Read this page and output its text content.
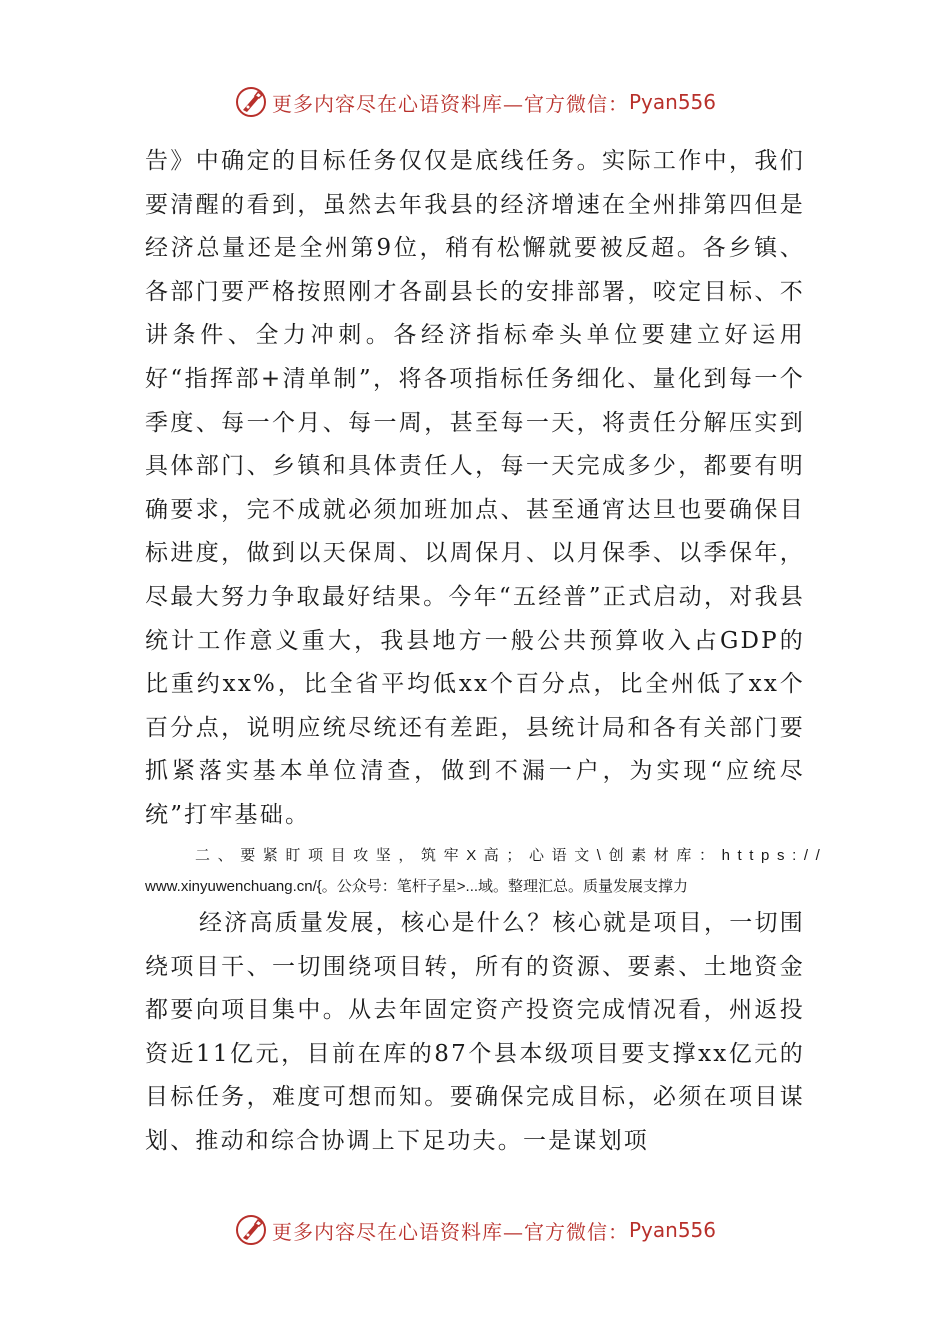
更多内容尽在心语资料库—官方微信： Pyan556

告》中确定的目标任务仅仅是底线任务。实际工作中，我们要清醒的看到，虽然去年我县的经济增速在全州排第四但是经济总量还是全州第9位，稍有松懈就要被反超。各乡镇、各部门要严格按照刚才各副县长的安排部署，咬定目标、不讲条件、全力冲刺。各经济指标牵头单位要建立好运用好“指挥部+清单制”，将各项指标任务细化、量化到每一个季度、每一个月、每一周，甚至每一天，将责任分解压实到具体部门、乡镇和具体责任人，每一天完成多少，都要有明确要求，完不成就必须加班加点、甚至通宵达旦也要确保目标进度，做到以天保周、以周保月、以月保季、以季保年，尽最大努力争取最好结果。今年“五经普”正式启动，对我县统计工作意义重大，我县地方一般公共预算收入占GDP的比重约xx%，比全省平均低xx个百分点，比全州低了xx个百分点，说明应统尽统还有差距，县统计局和各有关部门要抓紧落实基本单位清查，做到不漏一户，为实现“应统尽统”打牢基础。

二、要紧盯项目攻坚，筑牢X高；心语文\创素材库：https://
www.xinyuwenchuang.cn/{。公众号：笔杆子星>...域。整理汇总。质量发展支撑力

经济高质量发展，核心是什么？核心就是项目，一切围绕项目干、一切围绕项目转，所有的资源、要素、土地资金都要向项目集中。从去年固定资产投资完成情况看，州返投资近11亿元，目前在库的87个县本级项目要支撑xx亿元的目标任务，难度可想而知。要确保完成目标，必须在项目谋划、推动和综合协调上下足功夫。一是谋划项

更多内容尽在心语资料库—官方微信： Pyan556
